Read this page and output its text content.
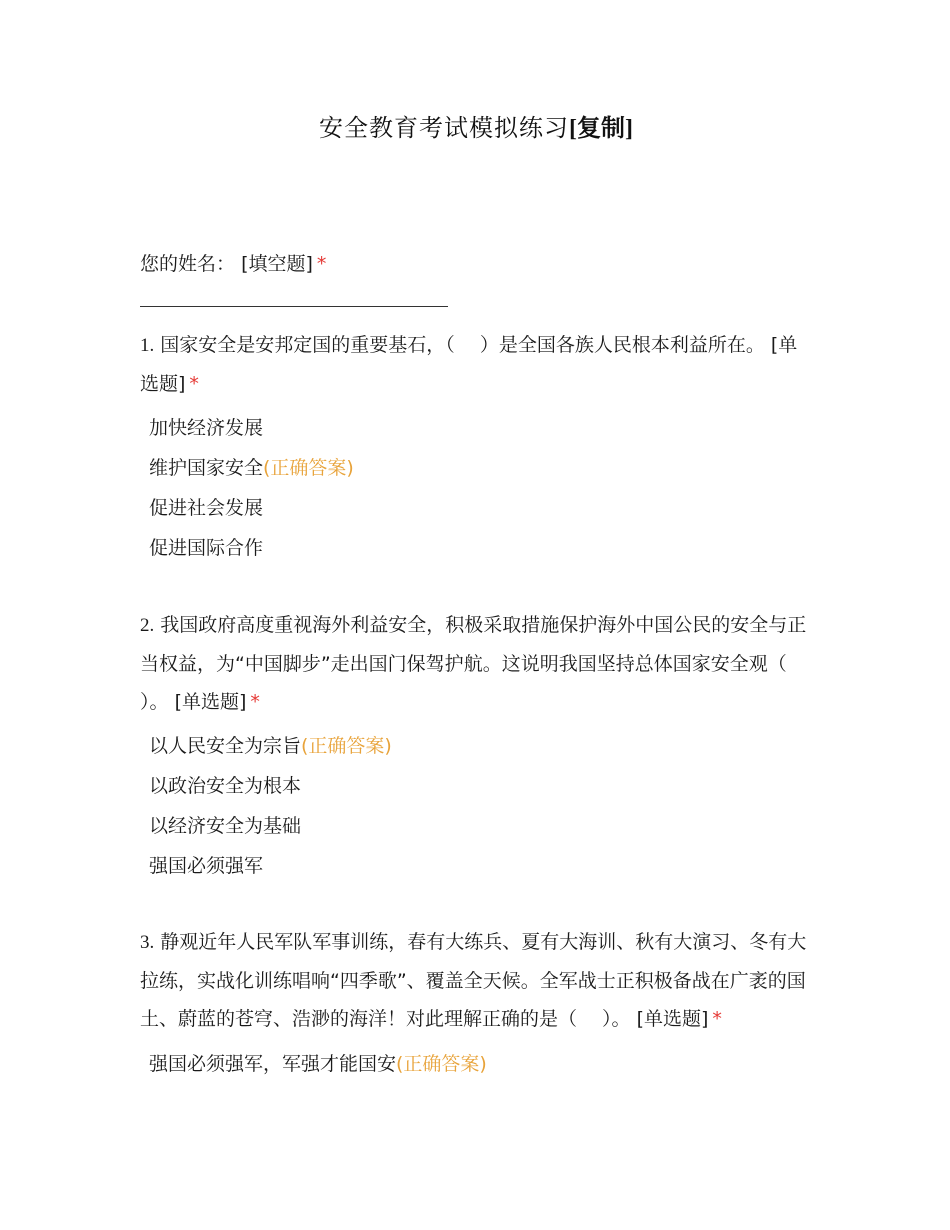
安全教育考试模拟练习[复制]
您的姓名： [填空题] *
1. 国家安全是安邦定国的重要基石，（　 ）是全国各族人民根本利益所在。 [单选题] *
加快经济发展
维护国家安全(正确答案)
促进社会发展
促进国际合作
2. 我国政府高度重视海外利益安全，积极采取措施保护海外中国公民的安全与正当权益，为“中国脚步”走出国门保驾护航。这说明我国坚持总体国家安全观（　 ）。 [单选题] *
以人民安全为宗旨(正确答案)
以政治安全为根本
以经济安全为基础
强国必须强军
3. 静观近年人民军队军事训练，春有大练兵、夏有大海训、秋有大演习、冬有大拉练，实战化训练唱响“四季歌”、覆盖全天候。全军战士正积极备战在广袤的国土、蔚蓝的苍穹、浩渺的海洋！对此理解正确的是（　 ）。 [单选题] *
强国必须强军，军强才能国安(正确答案)
